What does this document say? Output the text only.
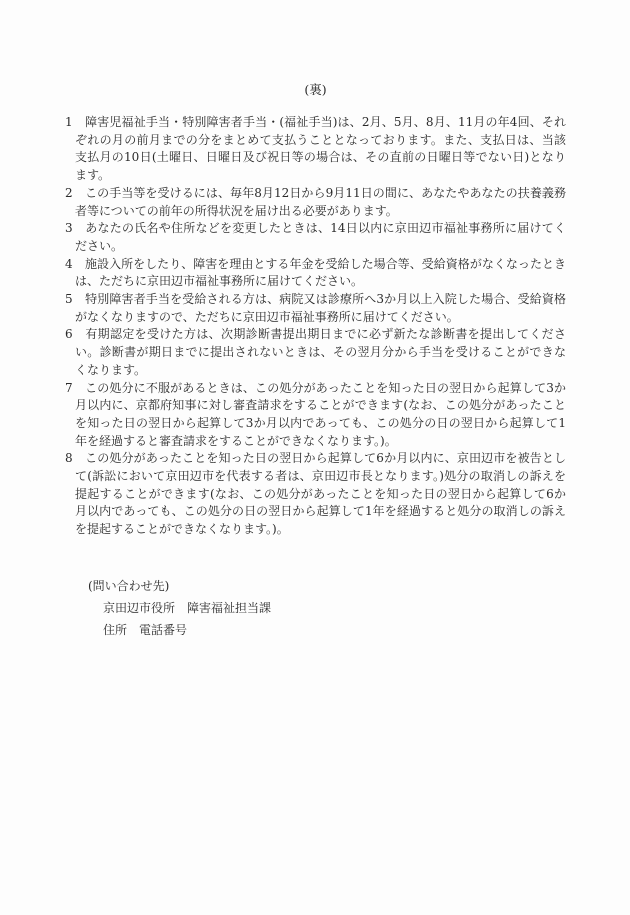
(裏)
1 障害児福祉手当・特別障害者手当・(福祉手当)は、2月、5月、8月、11月の年4回、それぞれの月の前月までの分をまとめて支払うこととなっております。また、支払日は、当該支払月の10日(土曜日、日曜日及び祝日等の場合は、その直前の日曜日等でない日)となります。
2 この手当等を受けるには、毎年8月12日から9月11日の間に、あなたやあなたの扶養義務者等についての前年の所得状況を届け出る必要があります。
3 あなたの氏名や住所などを変更したときは、14日以内に京田辺市福祉事務所に届けてください。
4 施設入所をしたり、障害を理由とする年金を受給した場合等、受給資格がなくなったときは、ただちに京田辺市福祉事務所に届けてください。
5 特別障害者手当を受給される方は、病院又は診療所へ3か月以上入院した場合、受給資格がなくなりますので、ただちに京田辺市福祉事務所に届けてください。
6 有期認定を受けた方は、次期診断書提出期日までに必ず新たな診断書を提出してください。診断書が期日までに提出されないときは、その翌月分から手当を受けることができなくなります。
7 この処分に不服があるときは、この処分があったことを知った日の翌日から起算して3か月以内に、京都府知事に対し審査請求をすることができます(なお、この処分があったことを知った日の翌日から起算して3か月以内であっても、この処分の日の翌日から起算して1年を経過すると審査請求をすることができなくなります。)。
8 この処分があったことを知った日の翌日から起算して6か月以内に、京田辺市を被告として(訴訟において京田辺市を代表する者は、京田辺市長となります。)処分の取消しの訴えを提起することができます(なお、この処分があったことを知った日の翌日から起算して6か月以内であっても、この処分の日の翌日から起算して1年を経過すると処分の取消しの訴えを提起することができなくなります。)。
(問い合わせ先)
京田辺市役所　障害福祉担当課
住所　電話番号
